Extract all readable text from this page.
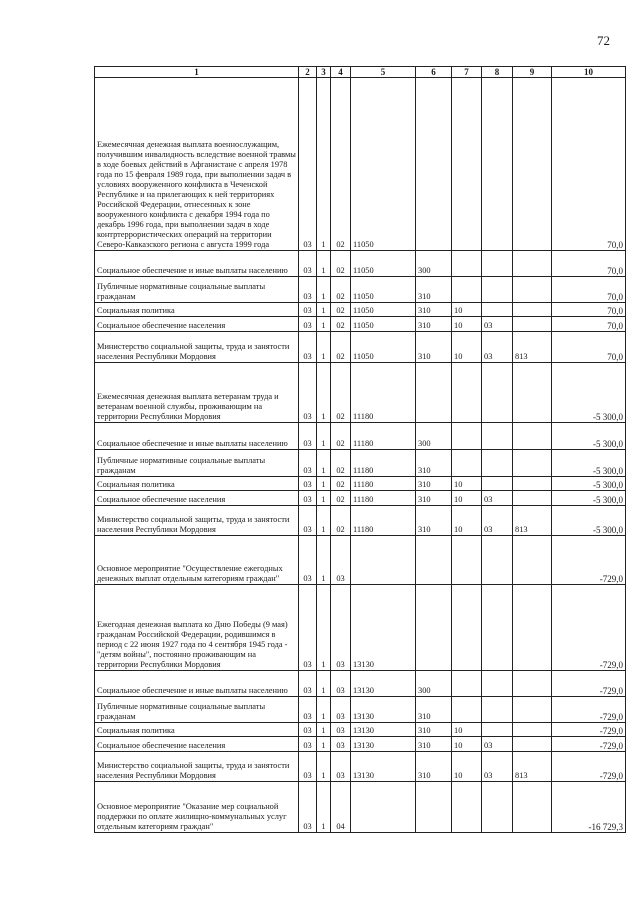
72
1	2	3	4	5	6	7	8	9	10
Ежемесячная денежная выплата военнослужащим, получившим инвалидность вследствие военной травмы в ходе боевых действий в Афганистане с апреля 1978 года по 15 февраля 1989 года, при выполнении задач в условиях вооруженного конфликта в Чеченской Республике и на прилегающих к ней территориях Российской Федерации, отнесенных к зоне вооруженного конфликта с декабря 1994 года по декабрь 1996 года, при выполнении задач в ходе контртеррористических операций на территории Северо-Кавказского региона с августа 1999 года	03	1	02	11050					70,0
Социальное обеспечение и иные выплаты населению	03	1	02	11050	300				70,0
Публичные нормативные социальные выплаты гражданам	03	1	02	11050	310				70,0
Социальная политика	03	1	02	11050	310	10			70,0
Социальное обеспечение населения	03	1	02	11050	310	10	03		70,0
Министерство социальной защиты, труда и занятости населения Республики Мордовия	03	1	02	11050	310	10	03	813	70,0
Ежемесячная денежная выплата ветеранам труда и ветеранам военной службы, проживающим на территории Республики Мордовия	03	1	02	11180					-5 300,0
Социальное обеспечение и иные выплаты населению	03	1	02	11180	300				-5 300,0
Публичные нормативные социальные выплаты гражданам	03	1	02	11180	310				-5 300,0
Социальная политика	03	1	02	11180	310	10			-5 300,0
Социальное обеспечение населения	03	1	02	11180	310	10	03		-5 300,0
Министерство социальной защиты, труда и занятости населения Республики Мордовия	03	1	02	11180	310	10	03	813	-5 300,0
Основное мероприятие "Осуществление ежегодных денежных выплат отдельным категориям граждан"	03	1	03						-729,0
Ежегодная денежная выплата ко Дню Победы (9 мая) гражданам Российской Федерации, родившимся в период с 22 июня 1927 года по 4 сентября 1945 года - "детям войны", постоянно проживающим на территории Республики Мордовия	03	1	03	13130					-729,0
Социальное обеспечение и иные выплаты населению	03	1	03	13130	300				-729,0
Публичные нормативные социальные выплаты гражданам	03	1	03	13130	310				-729,0
Социальная политика	03	1	03	13130	310	10			-729,0
Социальное обеспечение населения	03	1	03	13130	310	10	03		-729,0
Министерство социальной защиты, труда и занятости населения Республики Мордовия	03	1	03	13130	310	10	03	813	-729,0
Основное мероприятие "Оказание мер социальной поддержки по оплате жилищно-коммунальных услуг отдельным категориям граждан"	03	1	04						-16 729,3
